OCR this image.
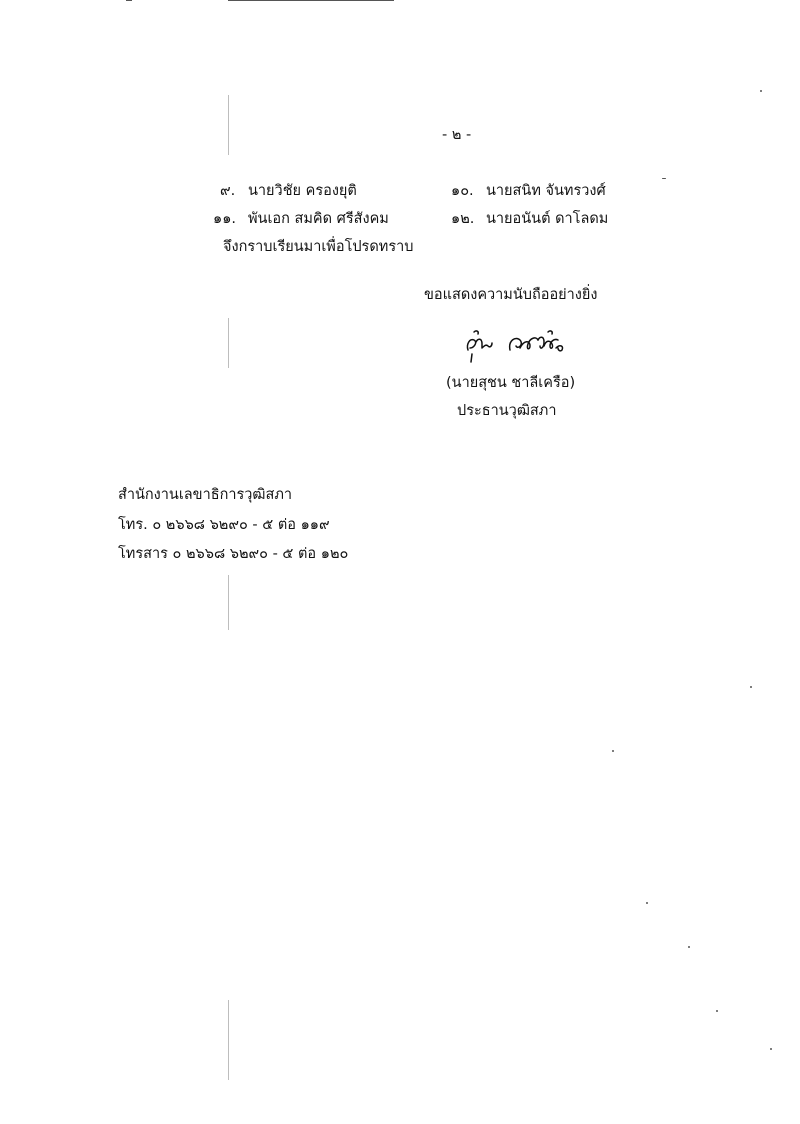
- ๒ -
๙. นายวิชัย ครองยุติ	๑๐. นายสนิท จันทรวงศ์
๑๑. พันเอก สมคิด ศรีสังคม	๑๒. นายอนันต์ ดาโลดม
จึงกราบเรียนมาเพื่อโปรดทราบ
ขอแสดงความนับถืออย่างยิ่ง
(นายสุชน ชาลีเครือ)
ประธานวุฒิสภา
สำนักงานเลขาธิการวุฒิสภา
โทร. ๐ ๒๖๖๘ ๖๒๙๐ - ๕ ต่อ ๑๑๙
โทรสาร ๐ ๒๖๖๘ ๖๒๙๐ - ๕ ต่อ ๑๒๐
